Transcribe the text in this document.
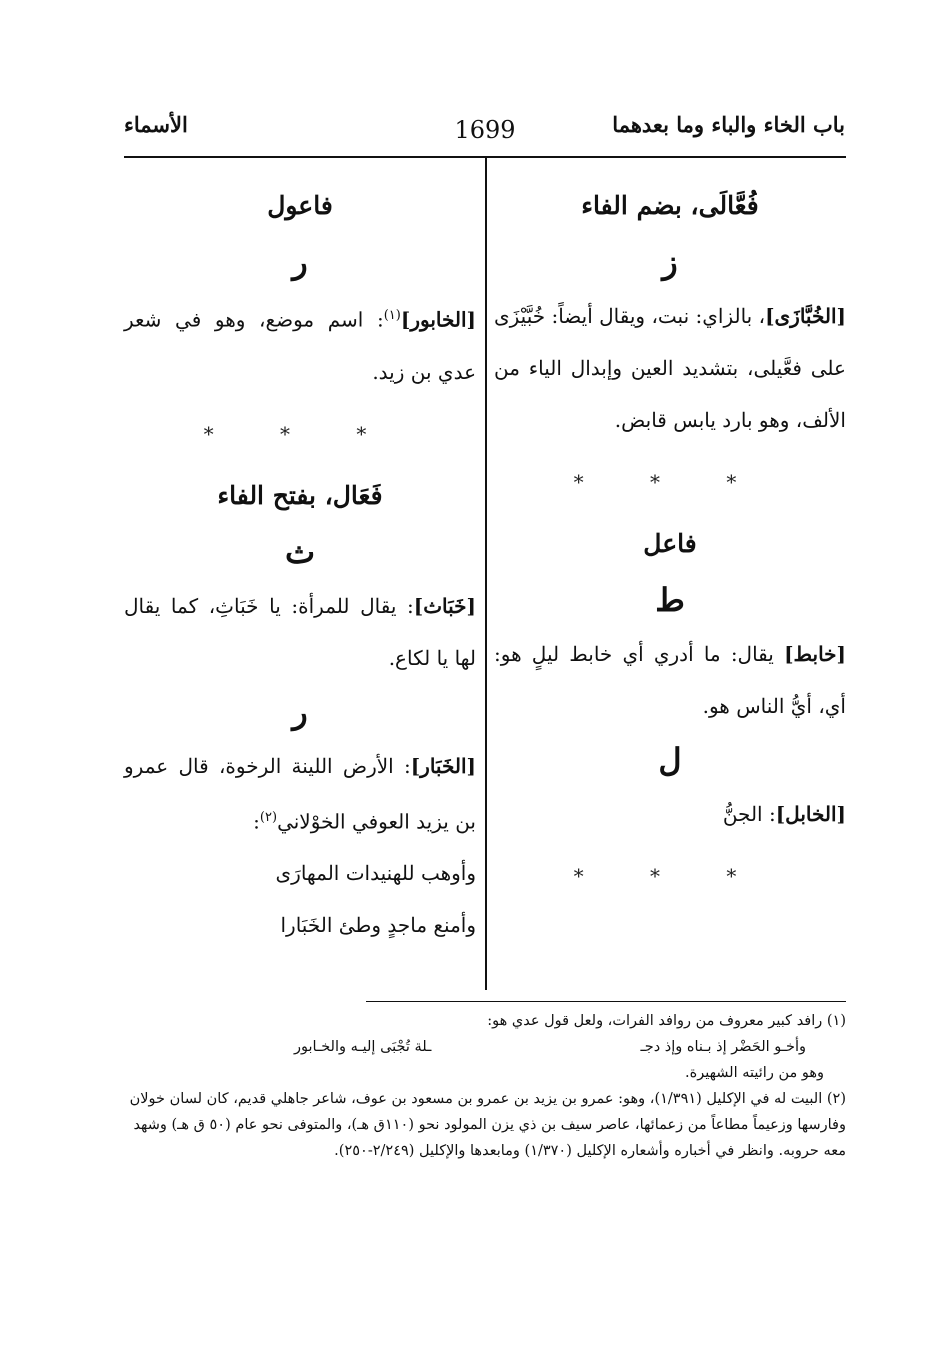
باب الخاء والباء وما بعدهما
1699
الأسماء
فُعَّالَى، بضم الفاء
ز

[الخُبَّازَى]، بالزاي: نبت، ويقال أيضاً: خُبَّيْزَى على فعَّيلى، بتشديد العين وإبدال الياء من الألف، وهو بارد يابس قابض.

* * *
فاعل
ط

[خابط] يقال: ما أدري أي خابط ليلٍ هو: أي، أيُّ الناس هو.

ل

[الخابل]: الجنُّ

* * *
فاعول
ر

[الخابور]$^{(١)}$: اسم موضع، وهو في شعر عدي بن زيد.

* * *
فَعَال، بفتح الفاء
ث

[خَبَاث]: يقال للمرأة: يا خَبَاثِ، كما يقال لها يا لكاع.

ر

[الخَبَار]: الأرض اللينة الرخوة، قال عمرو بن يزيد العوفي الخوْلاني$^{(٢)}$:

وأوهب للهنيدات المهارَى

وأمنع ماجدٍ وطئ الخَبَارا

(١) رافد كبير معروف من روافد الفرات، ولعل قول عدي هو:

وأخـو الحَضْر إذ بـناه وإذ دجـ
ـلة تُجْبَى إليـه والخـابور

وهو من رائيته الشهيرة.

(٢) البيت له في الإكليل (١/٣٩١)، وهو: عمرو بن يزيد بن عمرو بن مسعود بن عوف، شاعر جاهلي قديم، كان لسان خولان وفارسها وزعيماً مطاعاً من زعمائها، عاصر سيف بن ذي يزن المولود نحو (١١٠ق هـ)، والمتوفى نحو عام (٥٠ ق هـ) وشهد معه حروبه. وانظر في أخباره وأشعاره الإكليل (١/٣٧٠) ومابعدها والإكليل (٢/٢٤٩-٢٥٠).
